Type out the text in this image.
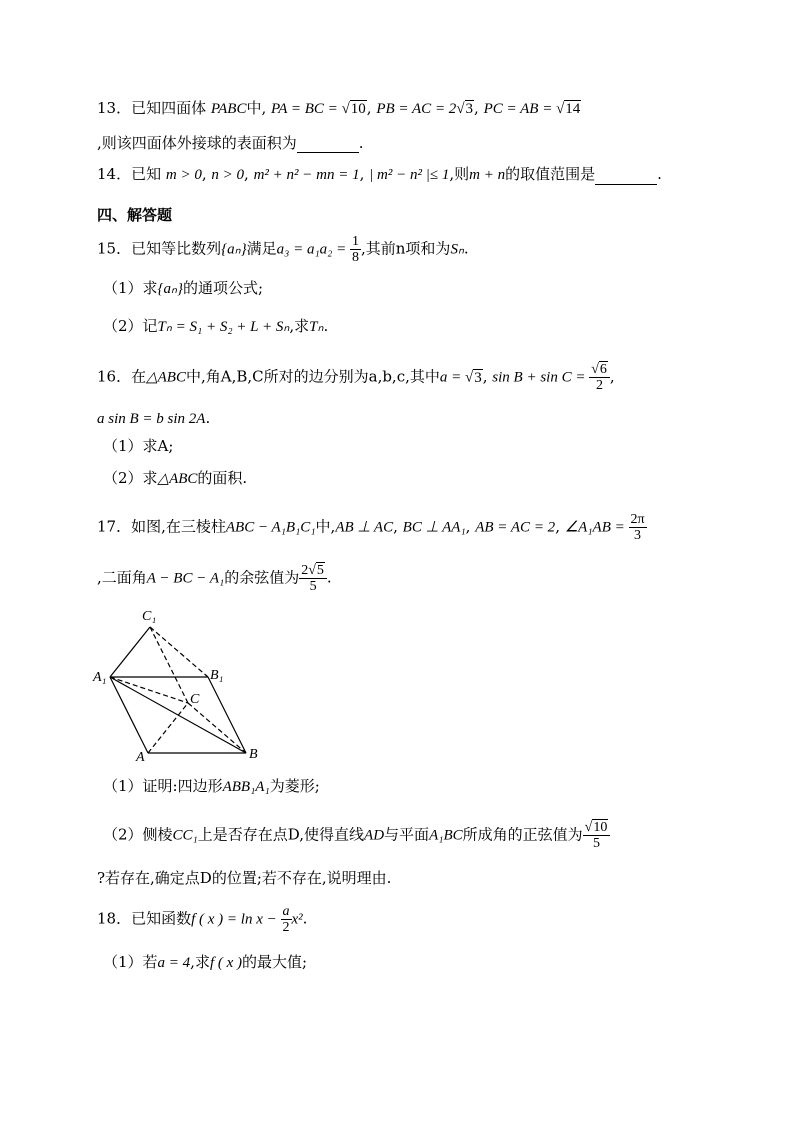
13．已知四面体 PABC中, PA = BC = √10, PB = AC = 2√3, PC = AB = √14
,则该四面体外接球的表面积为	.
14．已知 m > 0, n > 0, m² + n² − mn = 1, | m² − n² |≤ 1,则m + n的取值范围是	.
四、解答题
15．已知等比数列{aₙ}满足$a_3 = a_1a_2 = \frac{1}{8}$ ,其前n项和为Sₙ.
（1）求{aₙ}的通项公式;
（2）记Tₙ = S₁ + S₂ + L + Sₙ,求Tₙ.
16．在△ABC中,角A,B,C所对的边分别为a,b,c,其中a = √3, $\sin B + \sin C = \frac{√6}{2}$ ,
a sin B = b sin 2A.
（1）求A;
（2）求△ABC的面积.
17．如图,在三棱柱ABC − A₁B₁C₁中,AB ⊥ AC, BC ⊥ AA₁, AB = AC = 2, ∠A₁AB = $\frac{2\pi}{3}$
,二面角A − BC − A₁的余弦值为 $\frac{2√5}{5}$ .
C₁
A₁	B₁
C
A	B
（1）证明:四边形ABB₁A₁为菱形;
（2）侧棱CC₁上是否存在点D,使得直线AD与平面A₁BC所成角的正弦值为 $\frac{√10}{5}$
?若存在,确定点D的位置;若不存在,说明理由.
18．已知函数f ( x ) = $\ln x - \frac{a}{2} x^2$.
（1）若a = 4,求f ( x )的最大值;
